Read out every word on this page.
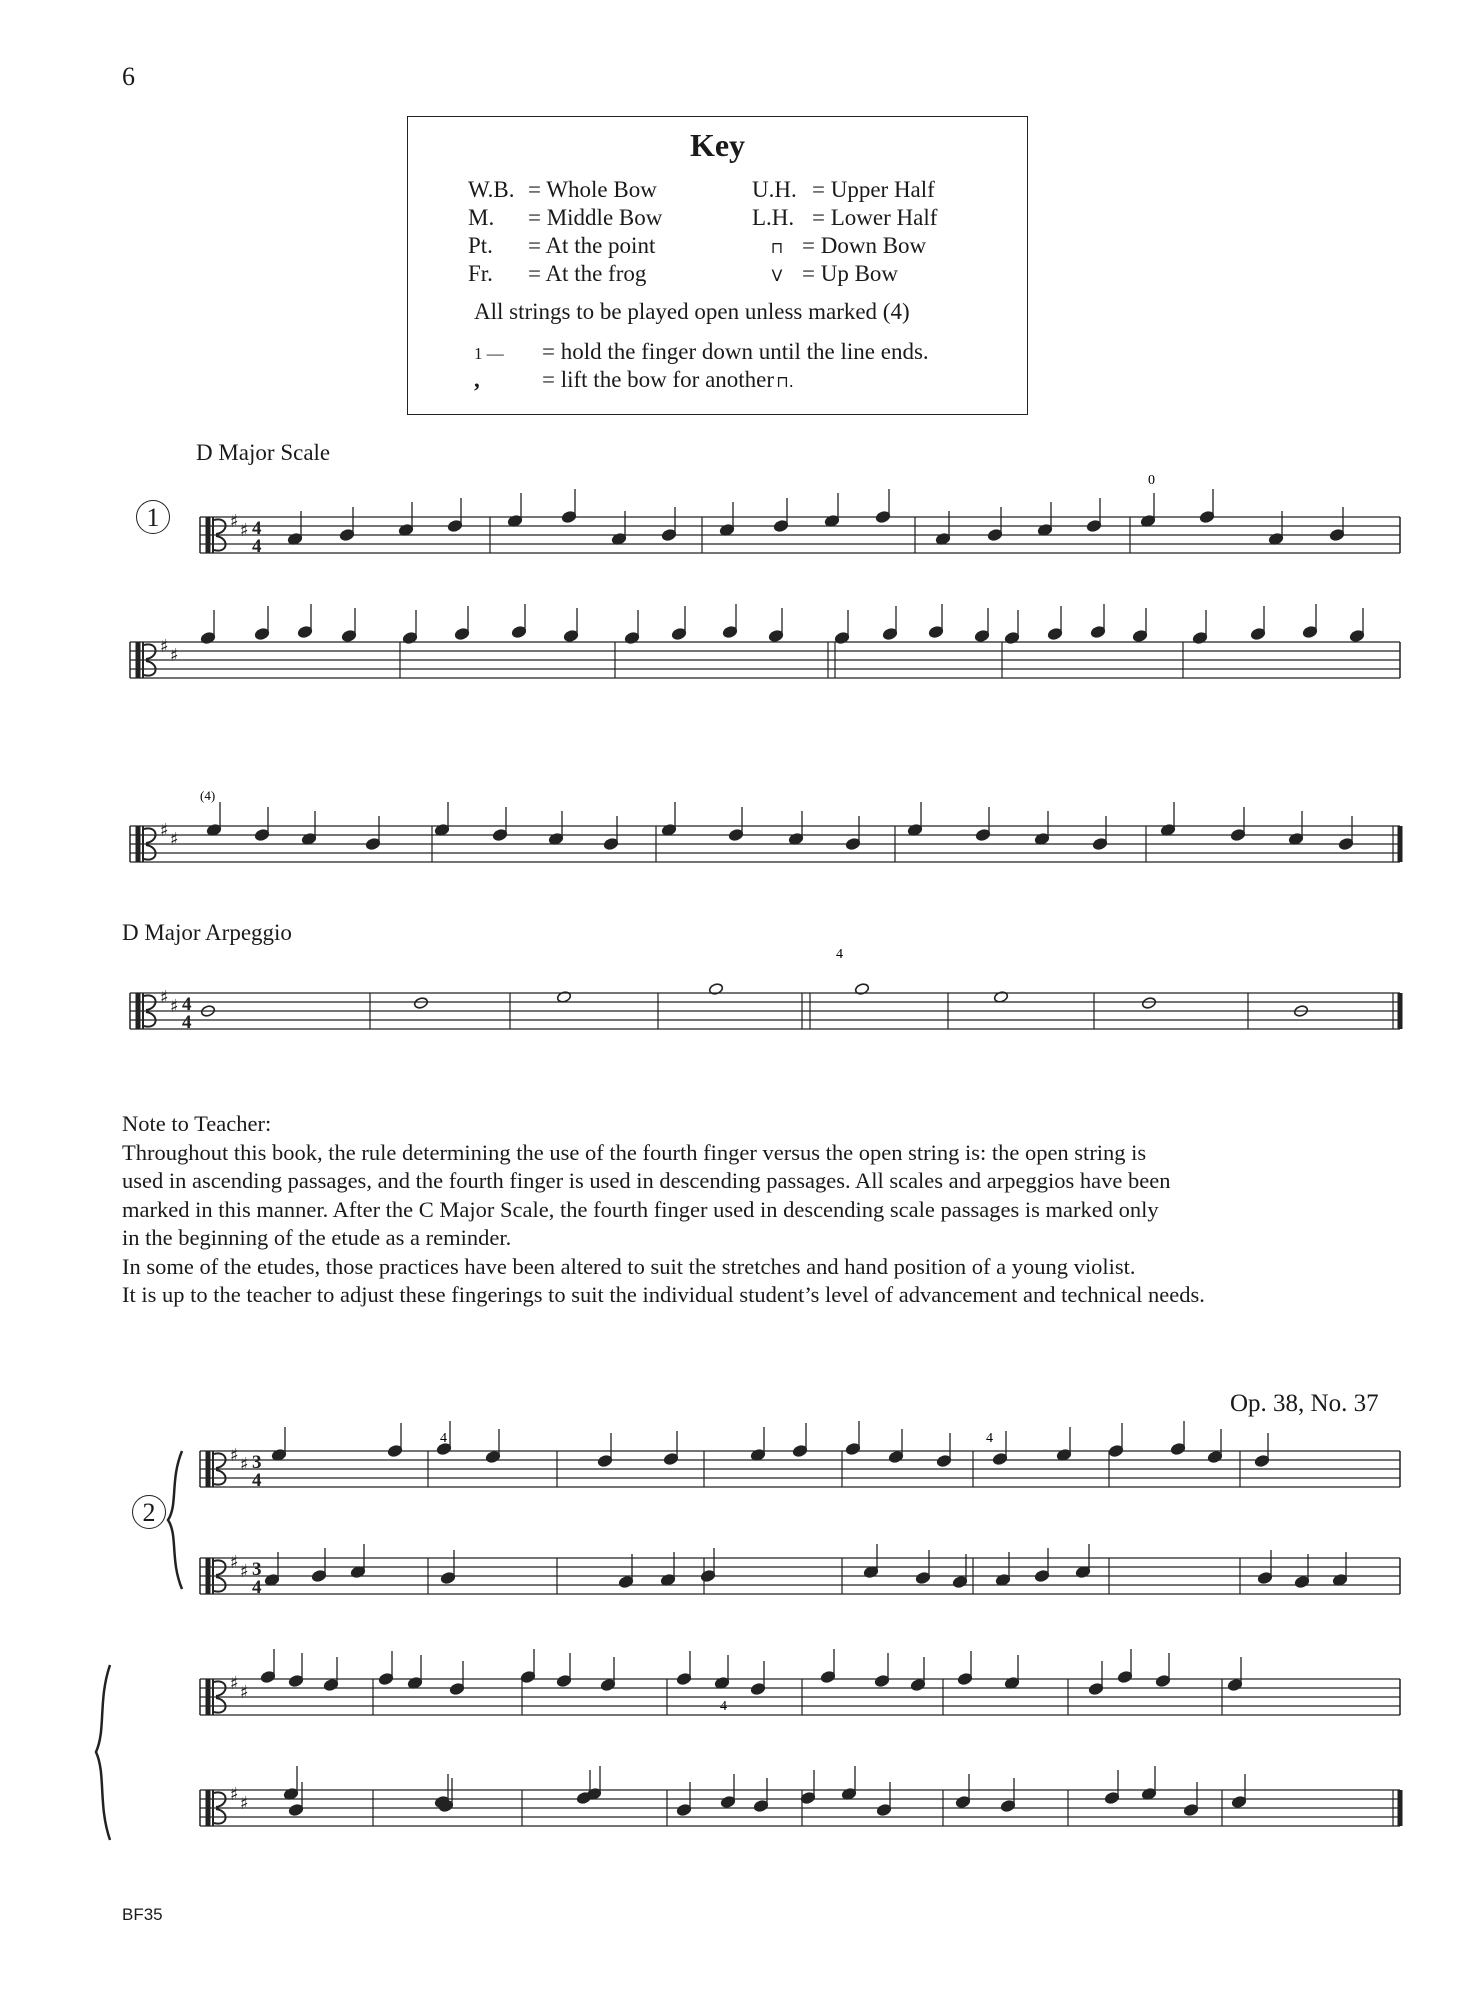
6
Key
W.B. = Whole Bow
M. = Middle Bow
Pt. = At the point
Fr. = At the frog
U.H. = Upper Half
L.H. = Lower Half
⊓ = Down Bow
V = Up Bow
All strings to be played open unless marked (4)
1 — = hold the finger down until the line ends.
,	= lift the bow for another ⊓.
D Major Scale
1
D Major Arpeggio

Note to Teacher:

Throughout this book, the rule determining the use of the fourth finger versus the open string is: the open string is

used in ascending passages, and the fourth finger is used in descending passages. All scales and arpeggios have been

marked in this manner. After the C Major Scale, the fourth finger used in descending scale passages is marked only

in the beginning of the etude as a reminder.

In some of the etudes, those practices have been altered to suit the stretches and hand position of a young violist.

It is up to the teacher to adjust these fingerings to suit the individual student’s level of advancement and technical needs.

Op. 38, No. 37
2
♯ ♯ 4
4
♯ ♯
♯ ♯
♯ ♯ 4
4
♯ ♯ 3
4
♯ ♯ 3
4
♯ ♯
♯ ♯
0
(4)
4
4	4
4
BF35
